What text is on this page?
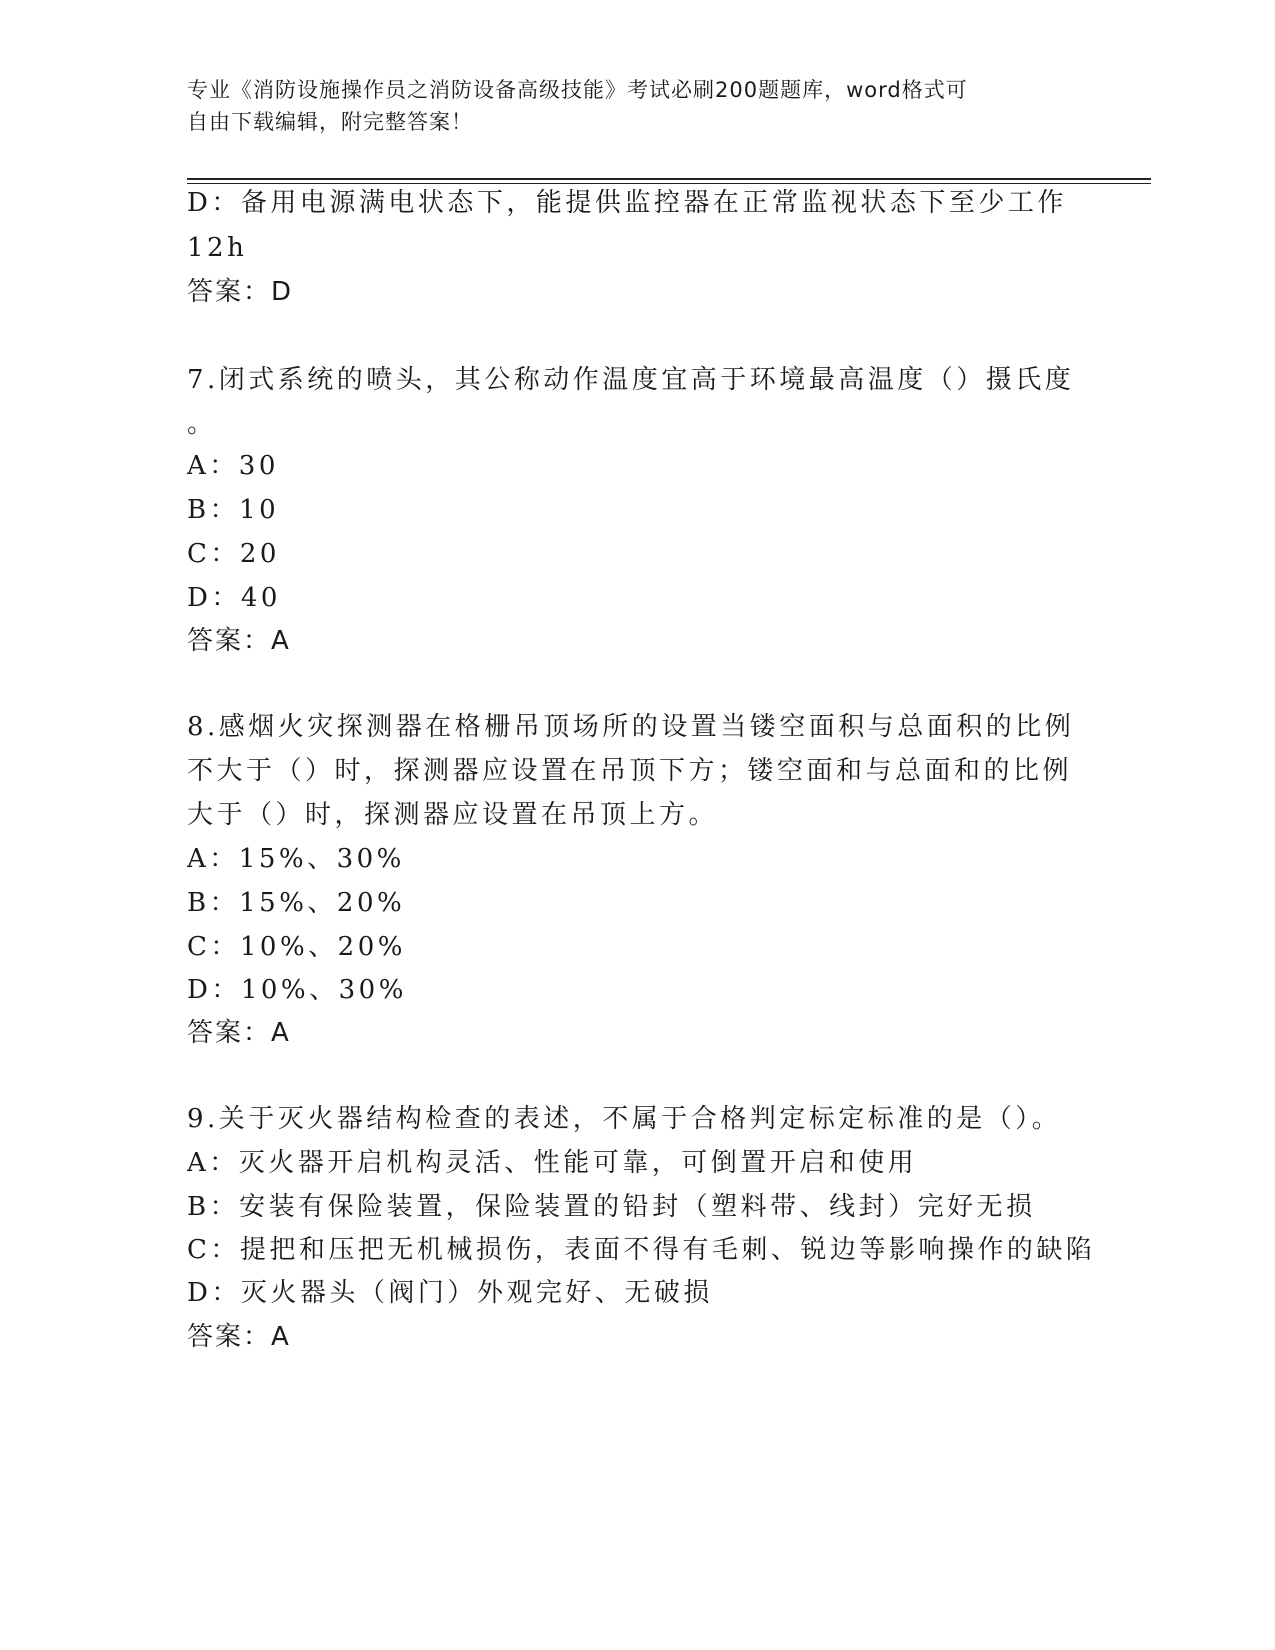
专业《消防设施操作员之消防设备高级技能》考试必刷200题题库，word格式可
自由下载编辑，附完整答案！
D：备用电源满电状态下，能提供监控器在正常监视状态下至少工作
12h
答案：D
7.闭式系统的喷头，其公称动作温度宜高于环境最高温度（）摄氏度
。
A：30
B：10
C：20
D：40
答案：A
8.感烟火灾探测器在格栅吊顶场所的设置当镂空面积与总面积的比例
不大于（）时，探测器应设置在吊顶下方；镂空面和与总面和的比例
大于（）时，探测器应设置在吊顶上方。
A：15%、30%
B：15%、20%
C：10%、20%
D：10%、30%
答案：A
9.关于灭火器结构检查的表述，不属于合格判定标定标准的是（）。
A：灭火器开启机构灵活、性能可靠，可倒置开启和使用
B：安装有保险装置，保险装置的铅封（塑料带、线封）完好无损
C：提把和压把无机械损伤，表面不得有毛刺、锐边等影响操作的缺陷
D：灭火器头（阀门）外观完好、无破损
答案：A
